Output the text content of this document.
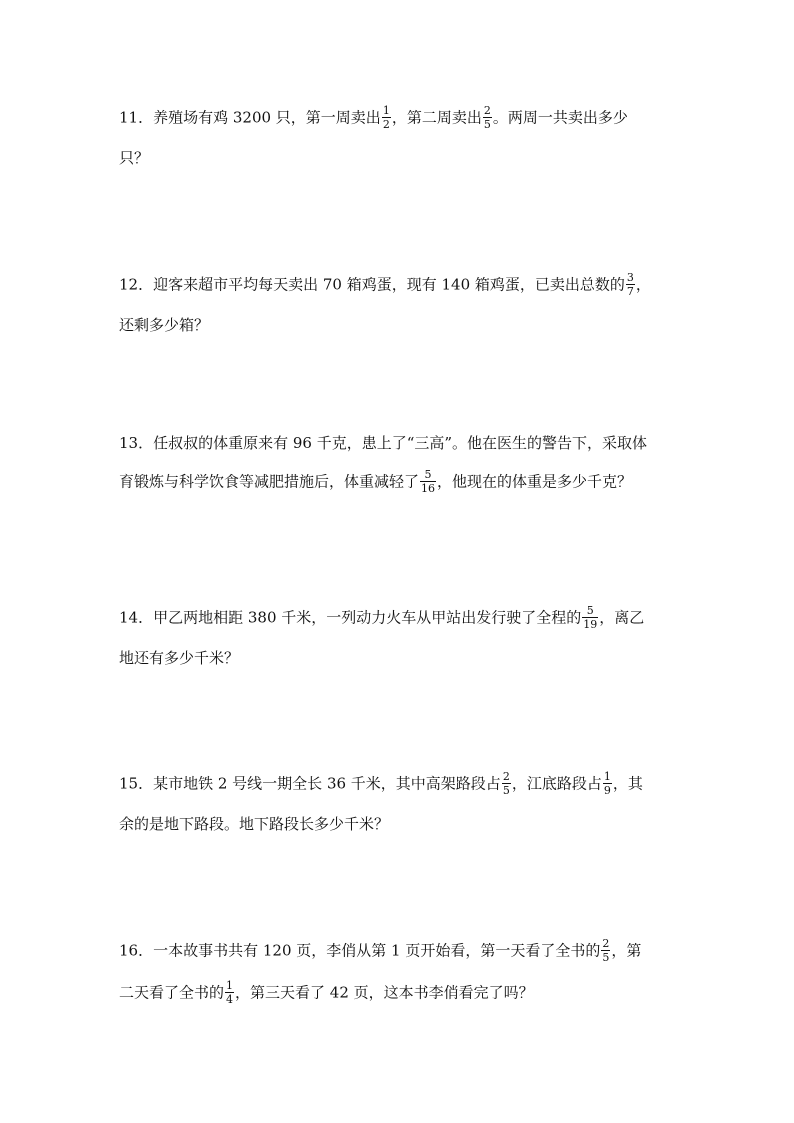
11．养殖场有鸡 3200 只，第一周卖出 $\frac{1}{2}$ ，第二周卖出 $\frac{2}{5}$ 。两周一共卖出多少
只？
12．迎客来超市平均每天卖出 70 箱鸡蛋，现有 140 箱鸡蛋，已卖出总数的 $\frac{3}{7}$ ，
还剩多少箱？
13．任叔叔的体重原来有 96 千克，患上了“三高”。他在医生的警告下，采取体
育锻炼与科学饮食等减肥措施后，体重减轻了 $\frac{5}{16}$ ，他现在的体重是多少千克？
14．甲乙两地相距 380 千米，一列动力火车从甲站出发行驶了全程的 $\frac{5}{19}$ ，离乙
地还有多少千米？
15．某市地铁 2 号线一期全长 36 千米，其中高架路段占 $\frac{2}{5}$ ，江底路段占 $\frac{1}{9}$ ，其
余的是地下路段。地下路段长多少千米？
16．一本故事书共有 120 页，李俏从第 1 页开始看，第一天看了全书的 $\frac{2}{5}$ ，第
二天看了全书的 $\frac{1}{4}$ ，第三天看了 42 页，这本书李俏看完了吗？
